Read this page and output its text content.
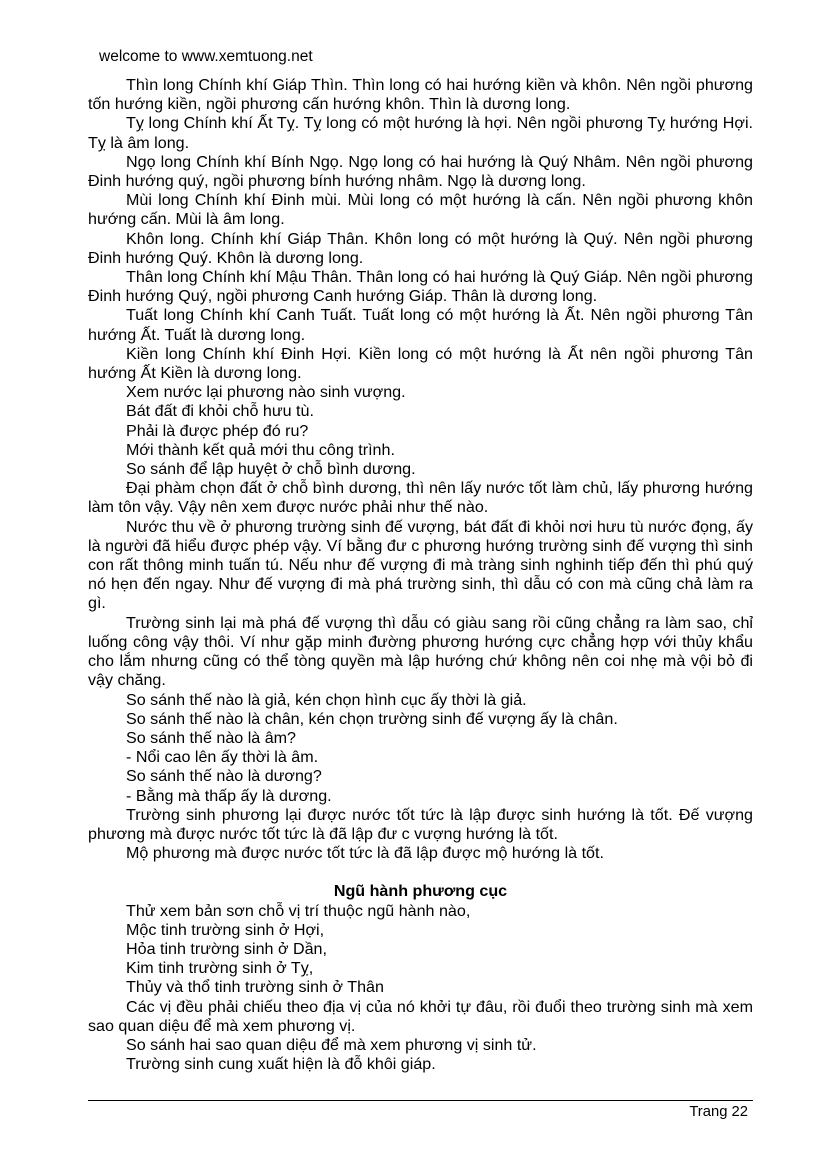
welcome to www.xemtuong.net

Thìn long Chính khí Giáp Thìn. Thìn long có hai hướng kiền và khôn. Nên ngồi phương tốn hướng kiền, ngồi phương cấn hướng khôn. Thìn là dương long.

Tỵ long Chính khí Ất Tỵ. Tỵ long có một hướng là hợi. Nên ngồi phương Tỵ hướng Hợi. Tỵ là âm long.

Ngọ long Chính khí Bính Ngọ. Ngọ long có hai hướng là Quý Nhâm. Nên ngồi phương Đinh hướng quý, ngồi phương bính hướng nhâm. Ngọ là dương long.

Mùi long Chính khí Đinh mùi. Mùi long có một hướng là cấn. Nên ngồi phương khôn hướng cấn. Mùi là âm long.

Khôn long. Chính khí Giáp Thân. Khôn long có một hướng là Quý. Nên ngồi phương Đinh hướng Quý. Khôn là dương long.

Thân long Chính khí Mậu Thân. Thân long có hai hướng là Quý Giáp. Nên ngồi phương Đinh hướng Quý, ngồi phương Canh hướng Giáp. Thân là dương long.

Tuất long Chính khí Canh Tuất. Tuất long có một hướng là Ất. Nên ngồi phương Tân hướng Ất. Tuất là dương long.

Kiền long Chính khí Đinh Hợi. Kiền long có một hướng là Ất nên ngồi phương Tân hướng Ất Kiền là dương long.

Xem nước lại phương nào sinh vượng.

Bát đất đi khỏi chỗ hưu tù.

Phải là được phép đó ru?

Mới thành kết quả mới thu công trình.

So sánh để lập huyệt ở chỗ bình dương.

Đại phàm chọn đất ở chỗ bình dương, thì nên lấy nước tốt làm chủ, lấy phương hướng làm tôn vậy. Vậy nên xem được nước phải như thế nào.

Nước thu về ở phương trường sinh đế vượng, bát đất đi khỏi nơi hưu tù nước đọng, ấy là người đã hiểu được phép vậy. Ví bằng đư c phương hướng trường sinh đế vượng thì sinh con rất thông minh tuấn tú. Nếu như đế vượng đi mà tràng sinh nghinh tiếp đến thì phú quý nó hẹn đến ngay. Như đế vượng đi mà phá trường sinh, thì dẫu có con mà cũng chả làm ra gì.

Trường sinh lại mà phá đế vượng thì dẫu có giàu sang rồi cũng chẳng ra làm sao, chỉ luống công vậy thôi. Ví như gặp minh đường phương hướng cực chẳng hợp với thủy khẩu cho lắm nhưng cũng có thể tòng quyền mà lập hướng chứ không nên coi nhẹ mà vội bỏ đi vậy chăng.

So sánh thế nào là giả, kén chọn hình cục ấy thời là giả.

So sánh thế nào là chân, kén chọn trường sinh đế vượng ấy là chân.

So sánh thế nào là âm?

- Nổi cao lên ấy thời là âm.

So sánh thế nào là dương?

- Bằng mà thấp ấy là dương.

Trường sinh phương lại được nước tốt tức là lập được sinh hướng là tốt. Đế vượng phương mà được nước tốt tức là đã lập đư c vượng hướng là tốt.

Mộ phương mà được nước tốt tức là đã lập được mộ hướng là tốt.

Ngũ hành phương cục

Thử xem bản sơn chỗ vị trí thuộc ngũ hành nào,

Mộc tinh trường sinh ở Hợi,

Hỏa tinh trường sinh ở Dần,

Kim tinh trường sinh ở Tỵ,

Thủy và thổ tinh trường sinh ở Thân

Các vị đều phải chiếu theo địa vị của nó khởi tự đâu, rồi đuổi theo trường sinh mà xem sao quan diệu để mà xem phương vị.

So sánh hai sao quan diệu để mà xem phương vị sinh tử.

Trường sinh cung xuất hiện là đỗ khôi giáp.

Trang 22
